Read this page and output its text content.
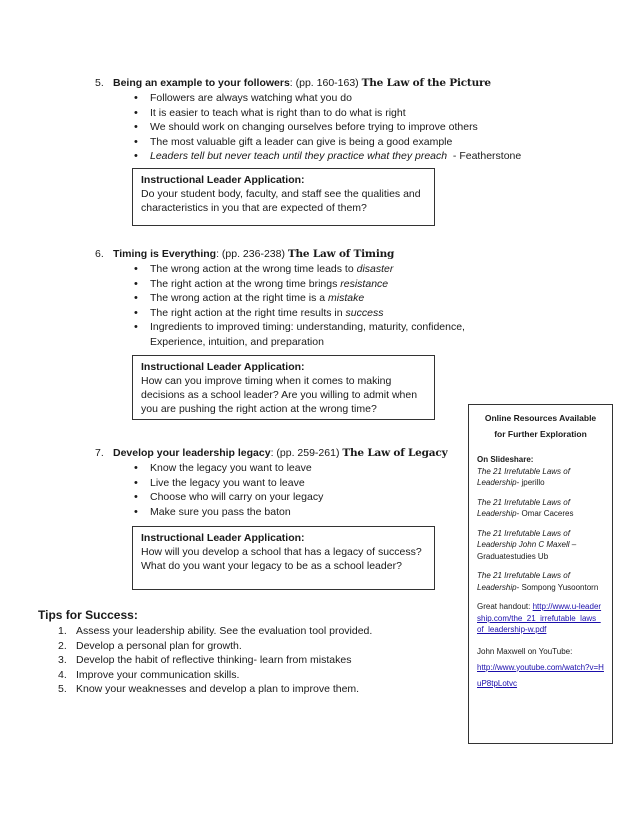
5. Being an example to your followers: (pp. 160-163) The Law of the Picture
• Followers are always watching what you do
• It is easier to teach what is right than to do what is right
• We should work on changing ourselves before trying to improve others
• The most valuable gift a leader can give is being a good example
• Leaders tell but never teach until they practice what they preach  - Featherstone
Instructional Leader Application:
Do your student body, faculty, and staff see the qualities and
characteristics in you that are expected of them?
6. Timing is Everything: (pp. 236-238) The Law of Timing
• The wrong action at the wrong time leads to disaster
• The right action at the wrong time brings resistance
• The wrong action at the right time is a mistake
• The right action at the right time results in success
• Ingredients to improved timing: understanding, maturity, confidence,
Experience, intuition, and preparation
Instructional Leader Application:
How can you improve timing when it comes to making
decisions as a school leader? Are you willing to admit when
you are pushing the right action at the wrong time?
7. Develop your leadership legacy: (pp. 259-261) The Law of Legacy
• Know the legacy you want to leave
• Live the legacy you want to leave
• Choose who will carry on your legacy
• Make sure you pass the baton
Instructional Leader Application:
How will you develop a school that has a legacy of success?
What do you want your legacy to be as a school leader?
Online Resources Available
for Further Exploration
On Slideshare:

The 21 Irrefutable Laws of Leadership- jperillo

The 21 Irrefutable Laws of Leadership- Omar Caceres

The 21 Irrefutable Laws of Leadership John C Maxell – Graduatestudies Ub

The 21 Irrefutable Laws of Leadership- Sompong Yusoontorn

Great handout: http://www.u-leadership.com/the_21_irrefutable_laws_of_leadership-w.pdf

John Maxwell on YouTube:
http://www.youtube.com/watch?v=HuP8tpLotvc
Tips for Success:
1. Assess your leadership ability. See the evaluation tool provided.
2. Develop a personal plan for growth.
3. Develop the habit of reflective thinking- learn from mistakes
4. Improve your communication skills.
5. Know your weaknesses and develop a plan to improve them.
